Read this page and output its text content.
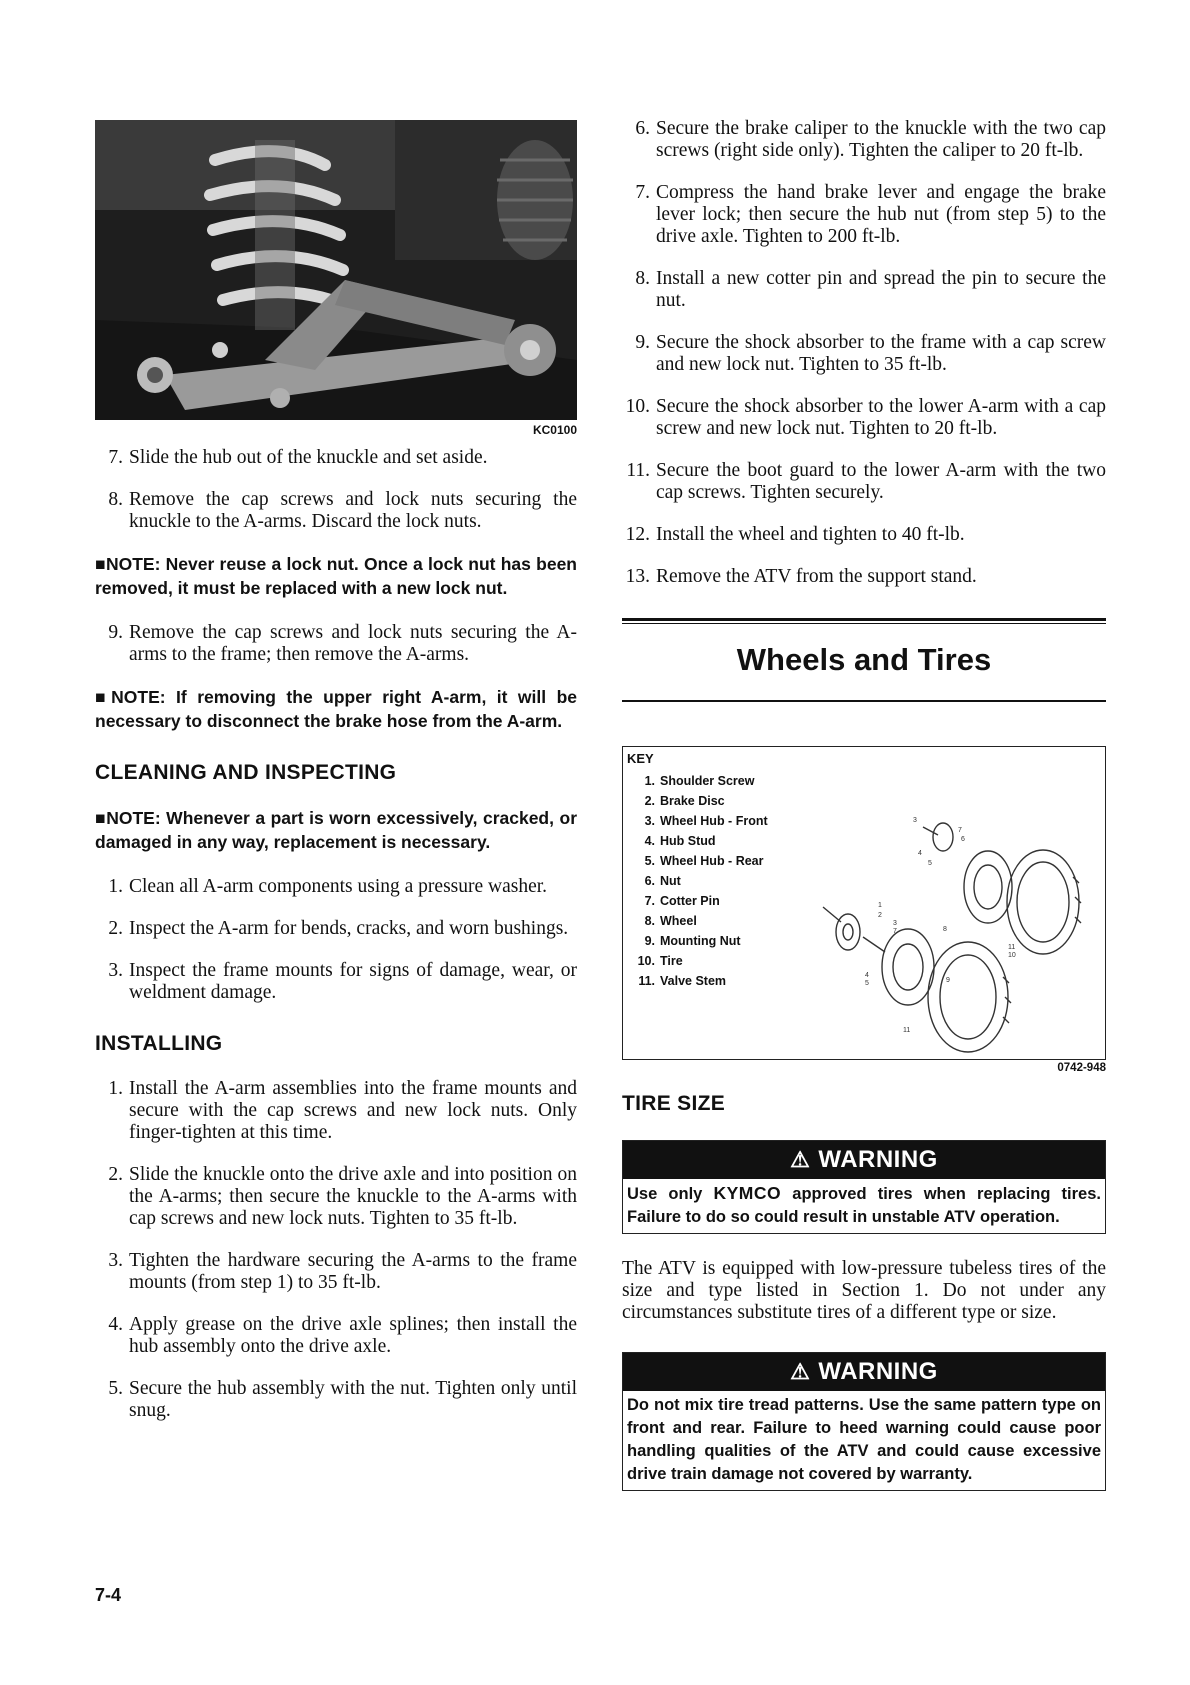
KC0100
7. Slide the hub out of the knuckle and set aside.
8. Remove the cap screws and lock nuts securing the knuckle to the A-arms. Discard the lock nuts.
■NOTE: Never reuse a lock nut. Once a lock nut has been removed, it must be replaced with a new lock nut.
9. Remove the cap screws and lock nuts securing the A-arms to the frame; then remove the A-arms.
■NOTE: If removing the upper right A-arm, it will be necessary to disconnect the brake hose from the A-arm.
CLEANING AND INSPECTING
■NOTE: Whenever a part is worn excessively, cracked, or damaged in any way, replacement is necessary.
1. Clean all A-arm components using a pressure washer.
2. Inspect the A-arm for bends, cracks, and worn bushings.
3. Inspect the frame mounts for signs of damage, wear, or weldment damage.
INSTALLING
1. Install the A-arm assemblies into the frame mounts and secure with the cap screws and new lock nuts. Only finger-tighten at this time.
2. Slide the knuckle onto the drive axle and into position on the A-arms; then secure the knuckle to the A-arms with cap screws and new lock nuts. Tighten to 35 ft-lb.
3. Tighten the hardware securing the A-arms to the frame mounts (from step 1) to 35 ft-lb.
4. Apply grease on the drive axle splines; then install the hub assembly onto the drive axle.
5. Secure the hub assembly with the nut. Tighten only until snug.
6. Secure the brake caliper to the knuckle with the two cap screws (right side only). Tighten the caliper to 20 ft-lb.
7. Compress the hand brake lever and engage the brake lever lock; then secure the hub nut (from step 5) to the drive axle. Tighten to 200 ft-lb.
8. Install a new cotter pin and spread the pin to secure the nut.
9. Secure the shock absorber to the frame with a cap screw and new lock nut. Tighten to 35 ft-lb.
10. Secure the shock absorber to the lower A-arm with a cap screw and new lock nut. Tighten to 20 ft-lb.
11. Secure the boot guard to the lower A-arm with the two cap screws. Tighten securely.
12. Install the wheel and tighten to 40 ft-lb.
13. Remove the ATV from the support stand.
Wheels and Tires
KEY
1. Shoulder Screw
2. Brake Disc
3. Wheel Hub - Front
4. Hub Stud
5. Wheel Hub - Rear
6. Nut
7. Cotter Pin
8. Wheel
9. Mounting Nut
10. Tire
11. Valve Stem
3
7
6
4
5
1
2
3
7	8
11
10
4
5	9
11
0742-948
TIRE SIZE
⚠ WARNING
Use only KYMCO approved tires when replacing tires. Failure to do so could result in unstable ATV operation.
The ATV is equipped with low-pressure tubeless tires of the size and type listed in Section 1. Do not under any circumstances substitute tires of a different type or size.
⚠ WARNING
Do not mix tire tread patterns. Use the same pattern type on front and rear. Failure to heed warning could cause poor handling qualities of the ATV and could cause excessive drive train damage not covered by warranty.
7-4
